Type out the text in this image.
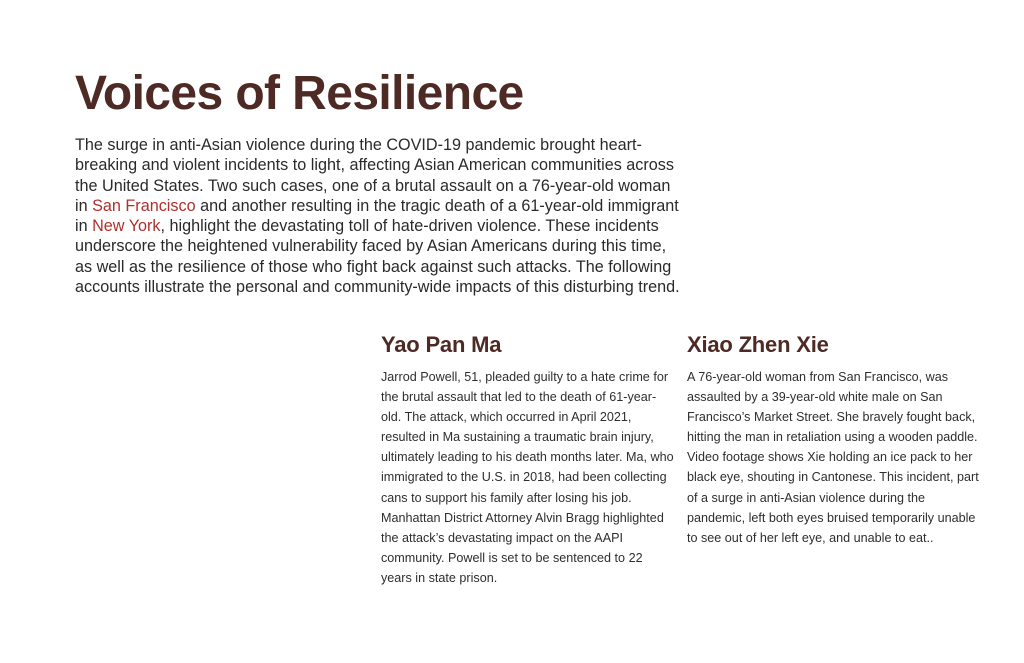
Voices of Resilience

The surge in anti-Asian violence during the COVID-19 pandemic brought heart-breaking and violent incidents to light, affecting Asian American communities across the United States. Two such cases, one of a brutal assault on a 76-year-old woman in San Francisco and another resulting in the tragic death of a 61-year-old immigrant in New York, highlight the devastating toll of hate-driven violence. These incidents underscore the heightened vulnerability faced by Asian Americans during this time, as well as the resilience of those who fight back against such attacks. The following accounts illustrate the personal and community-wide impacts of this disturbing trend.

Yao Pan Ma

Jarrod Powell, 51, pleaded guilty to a hate crime for the brutal assault that led to the death of 61-year-old. The attack, which occurred in April 2021, resulted in Ma sustaining a traumatic brain injury, ultimately leading to his death months later. Ma, who immigrated to the U.S. in 2018, had been collecting cans to support his family after losing his job. Manhattan District Attorney Alvin Bragg highlighted the attack’s devastating impact on the AAPI community. Powell is set to be sentenced to 22 years in state prison.

Xiao Zhen Xie

A 76-year-old woman from San Francisco, was assaulted by a 39-year-old white male on San Francisco’s Market Street. She bravely fought back, hitting the man in retaliation using a wooden paddle. Video footage shows Xie holding an ice pack to her black eye, shouting in Cantonese. This incident, part of a surge in anti-Asian violence during the pandemic, left both eyes bruised temporarily unable to see out of her left eye, and unable to eat..
